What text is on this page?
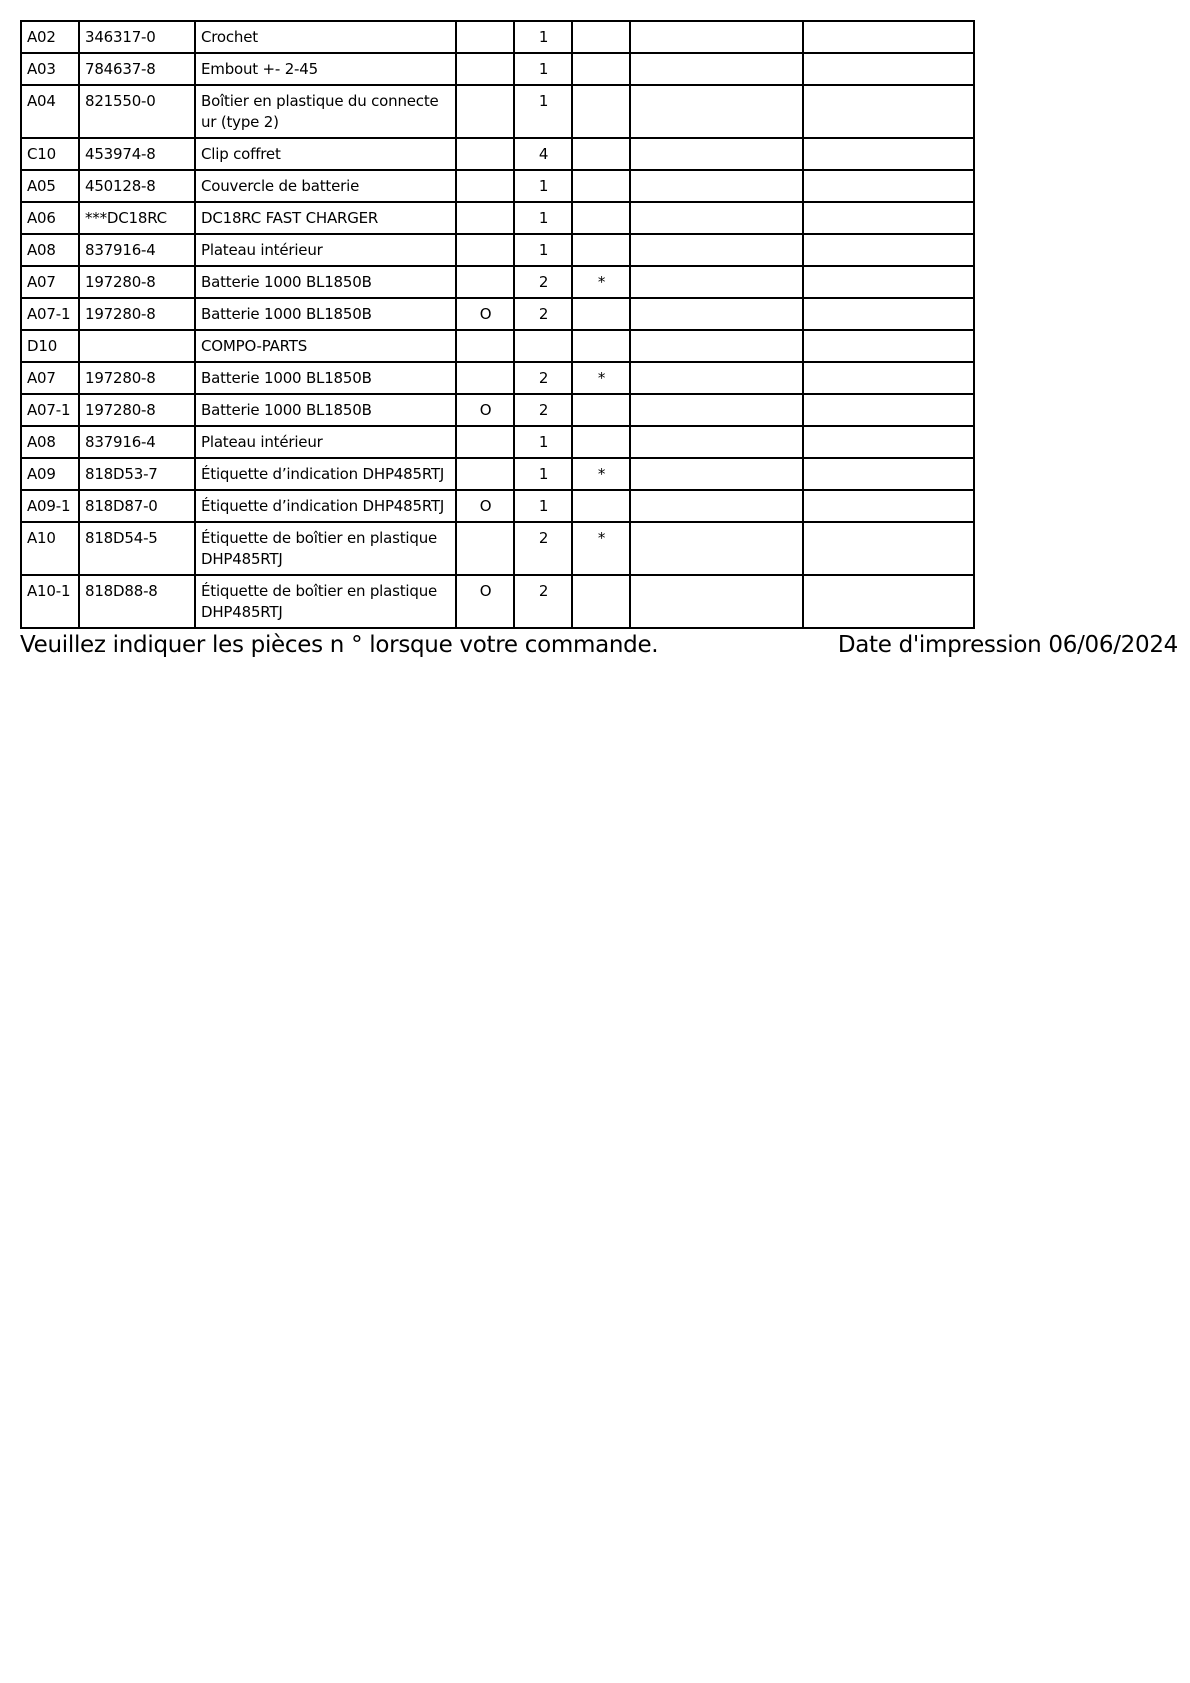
A02	346317-0	Crochet		1			
A03	784637-8	Embout +- 2-45		1			
A04	821550-0	Boîtier en plastique du connecte ur (type 2)		1			
C10	453974-8	Clip coffret		4			
A05	450128-8	Couvercle de batterie		1			
A06	***DC18RC	DC18RC FAST CHARGER		1			
A08	837916-4	Plateau intérieur		1			
A07	197280-8	Batterie 1000 BL1850B		2	*		
A07-1	197280-8	Batterie 1000 BL1850B	O	2			
D10		COMPO-PARTS					
A07	197280-8	Batterie 1000 BL1850B		2	*		
A07-1	197280-8	Batterie 1000 BL1850B	O	2			
A08	837916-4	Plateau intérieur		1			
A09	818D53-7	Étiquette d’indication DHP485RTJ		1	*		
A09-1	818D87-0	Étiquette d’indication DHP485RTJ	O	1			
A10	818D54-5	Étiquette de boîtier en plastique DHP485RTJ		2	*		
A10-1	818D88-8	Étiquette de boîtier en plastique DHP485RTJ	O	2			
Veuillez indiquer les pièces n ° lorsque votre commande.	Date d'impression 06/06/2024
